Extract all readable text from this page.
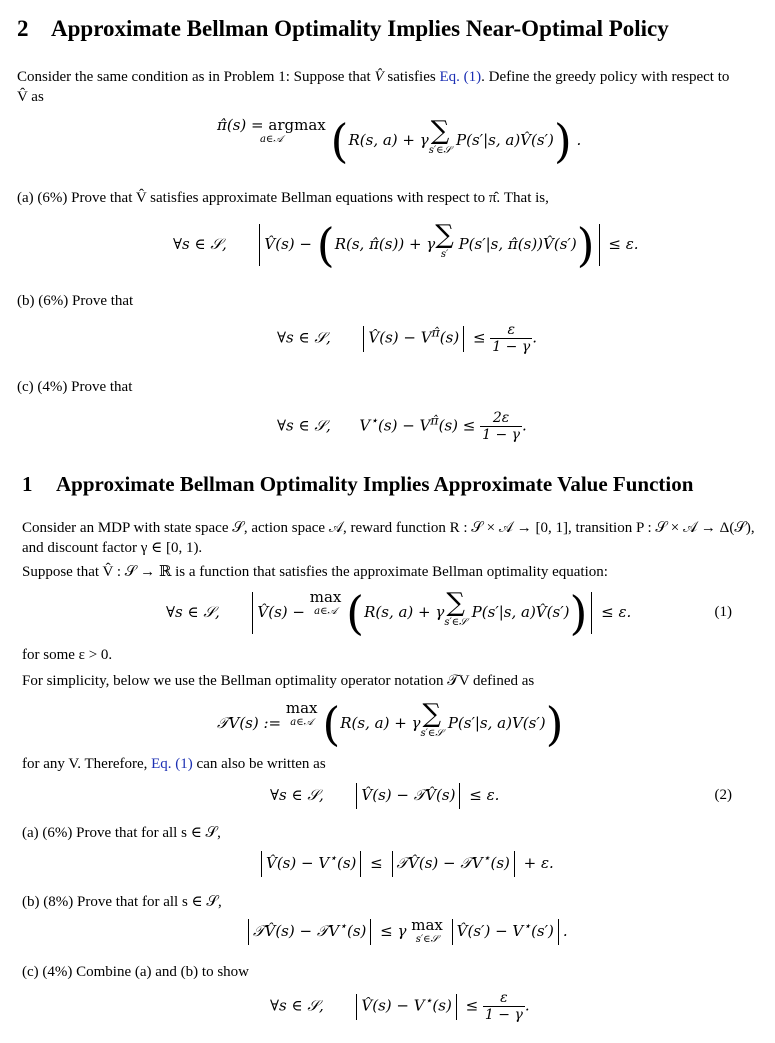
2 Approximate Bellman Optimality Implies Near-Optimal Policy

Consider the same condition as in Problem 1: Suppose that V̂ satisfies Eq. (1). Define the greedy policy with respect to
V̂ as

π̂(s) = argmax
a∈𝒜	(R(s, a) + γ∑
s′∈𝒮
P(s′|s, a)V̂(s′)) .

(a) (6%) Prove that V̂ satisfies approximate Bellman equations with respect to π̂. That is,

∀s ∈ 𝒮,      V̂(s) − (R(s, π̂(s)) + γ∑
s′
P(s′|s, π̂(s))V̂(s′)) ≤ ε.

(b) (6%) Prove that

∀s ∈ 𝒮,      V̂(s) − $V^{\pî}(s) \le \frac{\varepsilon}{1 - \gamma}$ .

(c) (4%) Prove that

∀s ∈ 𝒮,      $V^⋆(s) - V^{\pî}(s) \le \frac{2\varepsilon}{1 - \gamma}$ .
1 Approximate Bellman Optimality Implies Approximate Value Function

Consider an MDP with state space 𝒮, action space 𝒜, reward function R : 𝒮 × 𝒜 → [0, 1], transition P : 𝒮 × 𝒜 → Δ(𝒮),
and discount factor γ ∈ [0, 1).

Suppose that V̂ : 𝒮 → ℝ is a function that satisfies the approximate Bellman optimality equation:

∀s ∈ 𝒮,      V̂(s) − max
a∈𝒜 (R(s, a) + γ∑
s′∈𝒮
P(s′|s, a)V̂(s′)) ≤ ε.	(1)

for some ε > 0.

For simplicity, below we use the Bellman optimality operator notation 𝒯V defined as

𝒯V(s) := max
a∈𝒜 (R(s, a) + γ∑
s′∈𝒮
P(s′|s, a)V(s′))

for any V. Therefore, Eq. (1) can also be written as

∀s ∈ 𝒮,      V̂(s) − 𝒯V̂(s) ≤ ε.	(2)

(a) (6%) Prove that for all s ∈ 𝒮,

V̂(s) − V⋆(s) ≤ 𝒯V̂(s) − 𝒯V⋆(s) + ε.

(b) (8%) Prove that for all s ∈ 𝒮,

𝒯V̂(s) − 𝒯V⋆(s) ≤ γ max
s′∈𝒮	V̂(s′) − V⋆(s′) .

(c) (4%) Combine (a) and (b) to show

∀s ∈ 𝒮,      V̂(s) − $V^⋆(s) \le \frac{\varepsilon}{1 - \gamma}$ .
